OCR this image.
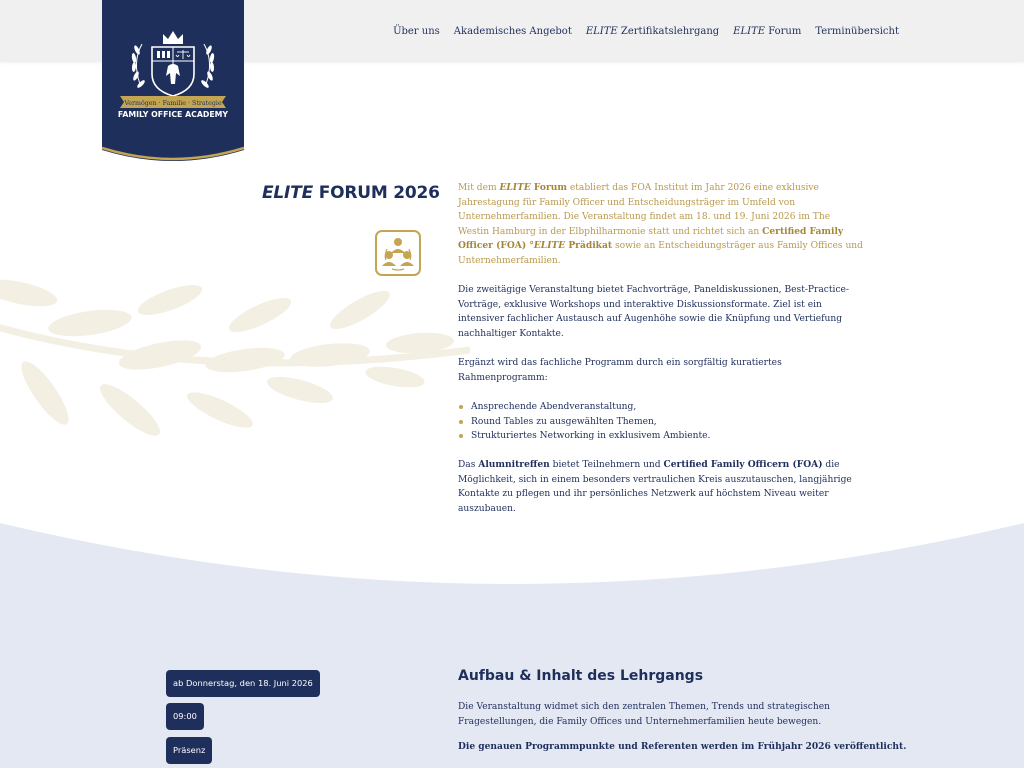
Über uns Akademisches Angebot ELITE Zertifikatslehrgang ELITE Forum Terminübersicht
Vermögen · Familie · Strategie
FAMILY OFFICE ACADEMY
ELITE FORUM 2026 Mit dem ELITE Forum etabliert das FOA Institut im Jahr 2026 eine exklusive Jahrestagung für Family Officer und Entscheidungsträger im Umfeld von Unternehmerfamilien. Die Veranstaltung findet am 18. und 19. Juni 2026 im The Westin Hamburg in der Elbphilharmonie statt und richtet sich an Certified Family Officer (FOA) °ELITE Prädikat sowie an Entscheidungsträger aus Family Offices und Unternehmerfamilien.

Die zweitägige Veranstaltung bietet Fachvorträge, Paneldiskussionen, Best-Practice-Vorträge, exklusive Workshops und interaktive Diskussionsformate. Ziel ist ein intensiver fachlicher Austausch auf Augenhöhe sowie die Knüpfung und Vertiefung nachhaltiger Kontakte.

Ergänzt wird das fachliche Programm durch ein sorgfältig kuratiertes Rahmenprogramm:

Ansprechende Abendveranstaltung,
Round Tables zu ausgewählten Themen,
Strukturiertes Networking in exklusivem Ambiente.

Das Alumnitreffen bietet Teilnehmern und Certified Family Officern (FOA) die Möglichkeit, sich in einem besonders vertraulichen Kreis auszutauschen, langjährige Kontakte zu pflegen und ihr persönliches Netzwerk auf höchstem Niveau weiter auszubauen.

ab Donnerstag, den 18. Juni 2026
09:00
Präsenz
Aufbau & Inhalt des Lehrgangs

Die Veranstaltung widmet sich den zentralen Themen, Trends und strategischen Fragestellungen, die Family Offices und Unternehmerfamilien heute bewegen.

Die genauen Programmpunkte und Referenten werden im Frühjahr 2026 veröffentlicht.
